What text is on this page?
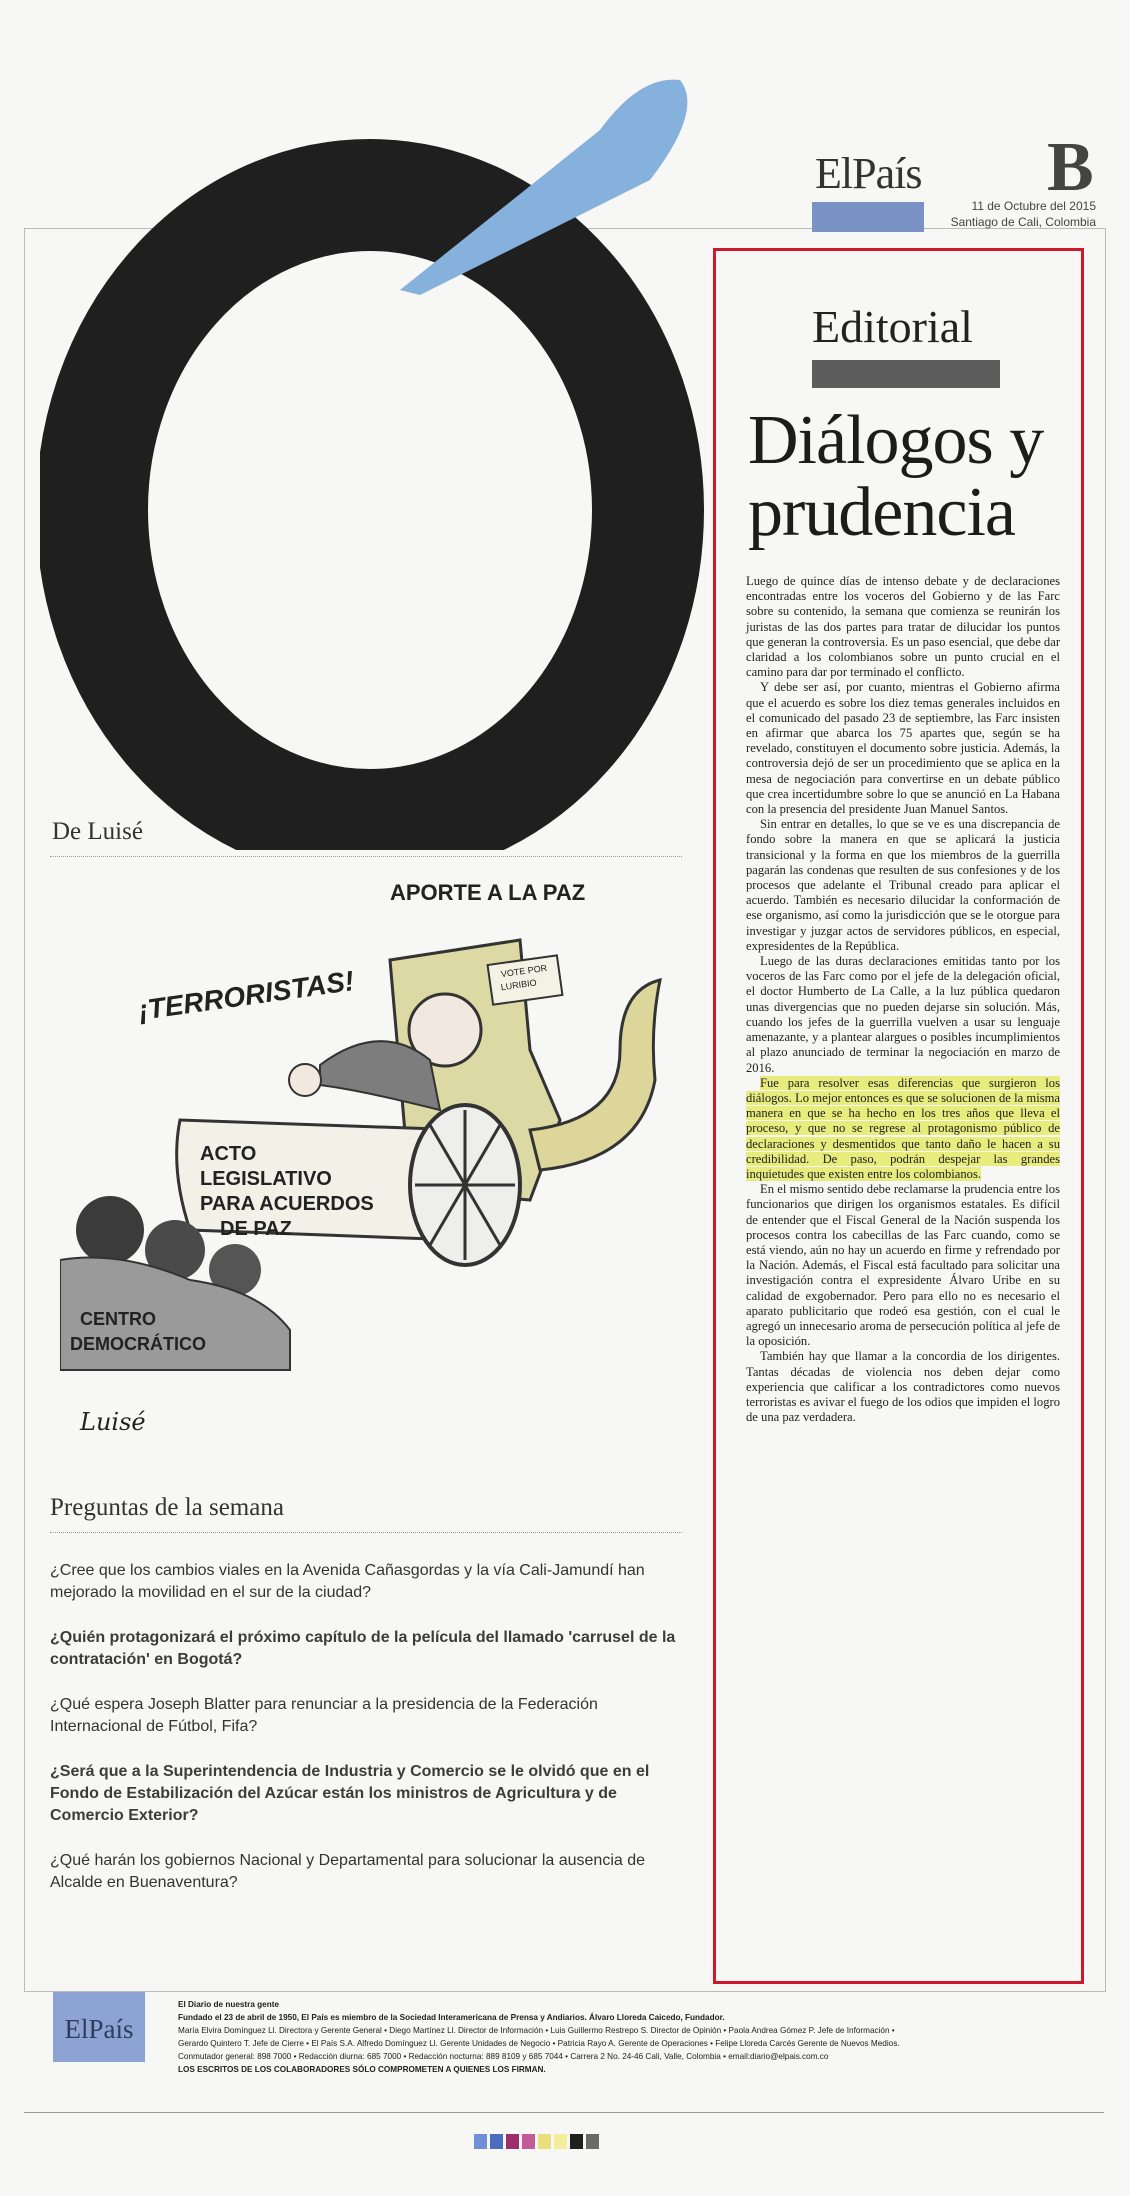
ElPaís B
11 de Octubre del 2015
Santiago de Cali, Colombia
Editorial
Diálogos y
prudencia

Luego de quince días de intenso debate y de declaraciones encontradas entre los voceros del Gobierno y de las Farc sobre su contenido, la semana que comienza se reunirán los juristas de las dos partes para tratar de dilucidar los puntos que generan la controversia. Es un paso esencial, que debe dar claridad a los colombianos sobre un punto crucial en el camino para dar por terminado el conflicto.

Y debe ser así, por cuanto, mientras el Gobierno afirma que el acuerdo es sobre los diez temas generales incluidos en el comunicado del pasado 23 de septiembre, las Farc insisten en afirmar que abarca los 75 apartes que, según se ha revelado, constituyen el documento sobre justicia. Además, la controversia dejó de ser un procedimiento que se aplica en la mesa de negociación para convertirse en un debate público que crea incertidumbre sobre lo que se anunció en La Habana con la presencia del presidente Juan Manuel Santos.

Sin entrar en detalles, lo que se ve es una discrepancia de fondo sobre la manera en que se aplicará la justicia transicional y la forma en que los miembros de la guerrilla pagarán las condenas que resulten de sus confesiones y de los procesos que adelante el Tribunal creado para aplicar el acuerdo. También es necesario dilucidar la conformación de ese organismo, así como la jurisdicción que se le otorgue para investigar y juzgar actos de servidores públicos, en especial, expresidentes de la República.

Luego de las duras declaraciones emitidas tanto por los voceros de las Farc como por el jefe de la delegación oficial, el doctor Humberto de La Calle, a la luz pública quedaron unas divergencias que no pueden dejarse sin solución. Más, cuando los jefes de la guerrilla vuelven a usar su lenguaje amenazante, y a plantear alargues o posibles incumplimientos al plazo anunciado de terminar la negociación en marzo de 2016.

Fue para resolver esas diferencias que surgieron los diálogos. Lo mejor entonces es que se solucionen de la misma manera en que se ha hecho en los tres años que lleva el proceso, y que no se regrese al protagonismo público de declaraciones y desmentidos que tanto daño le hacen a su credibilidad. De paso, podrán despejar las grandes inquietudes que existen entre los colombianos.

En el mismo sentido debe reclamarse la prudencia entre los funcionarios que dirigen los organismos estatales. Es difícil de entender que el Fiscal General de la Nación suspenda los procesos contra los cabecillas de las Farc cuando, como se está viendo, aún no hay un acuerdo en firme y refrendado por la Nación. Además, el Fiscal está facultado para solicitar una investigación contra el expresidente Álvaro Uribe en su calidad de exgobernador. Pero para ello no es necesario el aparato publicitario que rodeó esa gestión, con el cual le agregó un innecesario aroma de persecución política al jefe de la oposición.

También hay que llamar a la concordia de los dirigentes. Tantas décadas de violencia nos deben dejar como experiencia que calificar a los contradictores como nuevos terroristas es avivar el fuego de los odios que impiden el logro de una paz verdadera.

De Luisé
APORTE A LA PAZ
¡TERRORISTAS!	VOTE POR
LURIBIO
ACTO
LEGISLATIVO
PARA ACUERDOS
DE PAZ
CENTRO
DEMOCRÁTICO
Luisé
Preguntas de la semana

¿Cree que los cambios viales en la Avenida Cañasgordas y la vía Cali-Jamundí han mejorado la movilidad en el sur de la ciudad?

¿Quién protagonizará el próximo capítulo de la película del llamado 'carrusel de la contratación' en Bogotá?

¿Qué espera Joseph Blatter para renunciar a la presidencia de la Federación Internacional de Fútbol, Fifa?

¿Será que a la Superintendencia de Industria y Comercio se le olvidó que en el Fondo de Estabilización del Azúcar están los ministros de Agricultura y de Comercio Exterior?

¿Qué harán los gobiernos Nacional y Departamental para solucionar la ausencia de Alcalde en Buenaventura?

ElPaís
El Diario de nuestra gente
Fundado el 23 de abril de 1950, El País es miembro de la Sociedad Interamericana de Prensa y Andiarios. Álvaro Lloreda Caicedo, Fundador.
María Elvira Domínguez Ll. Directora y Gerente General • Diego Martínez Ll. Director de Información • Luis Guillermo Restrepo S. Director de Opinión • Paola Andrea Gómez P. Jefe de Información •
Gerardo Quintero T. Jefe de Cierre • El País S.A. Alfredo Domínguez Ll. Gerente Unidades de Negocio • Patricia Rayo A. Gerente de Operaciones • Felipe Lloreda Carcés Gerente de Nuevos Medios.
Conmutador general: 898 7000 • Redacción diurna: 685 7000 • Redacción nocturna: 889 8109 y 685 7044 • Carrera 2 No. 24-46 Cali, Valle, Colombia • email:diario@elpais.com.co
LOS ESCRITOS DE LOS COLABORADORES SÓLO COMPROMETEN A QUIENES LOS FIRMAN.
